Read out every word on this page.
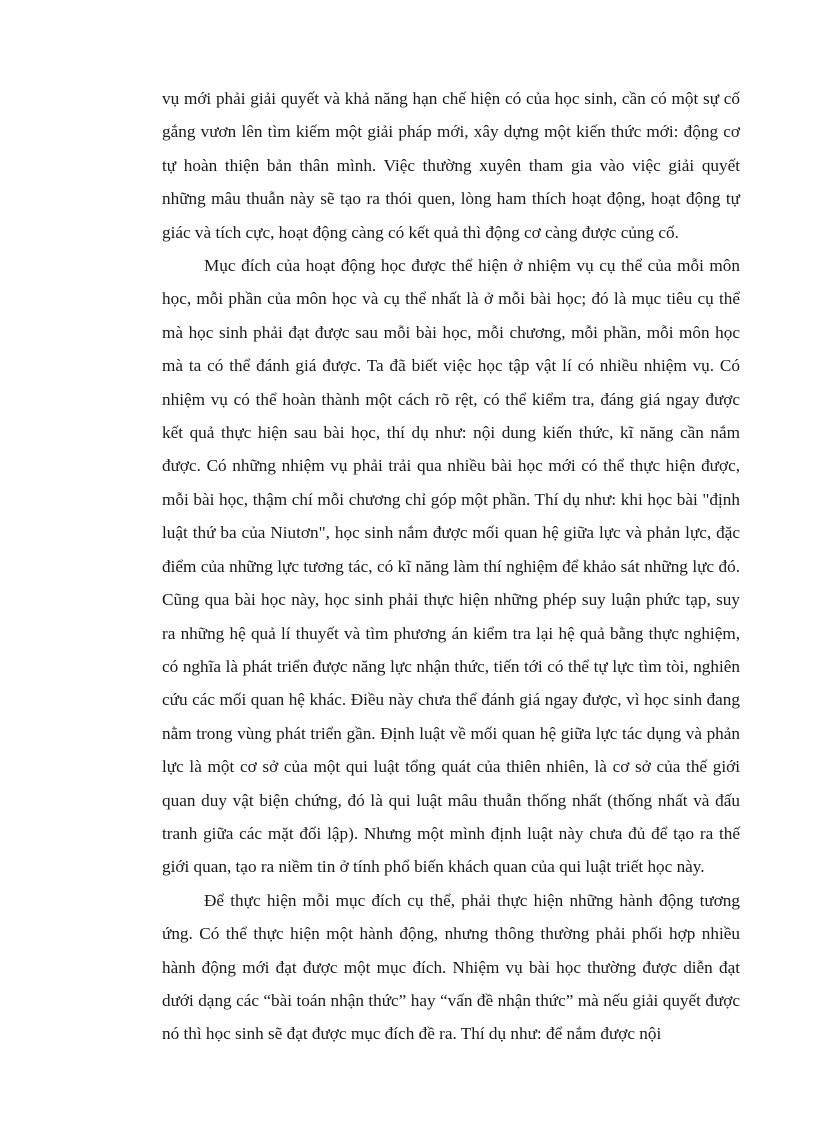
vụ mới phải giải quyết và khả năng hạn chế hiện có của học sinh, cần có một sự cố gắng vươn lên tìm kiếm một giải pháp mới, xây dựng một kiến thức mới: động cơ tự hoàn thiện bản thân mình. Việc thường xuyên tham gia vào việc giải quyết những mâu thuẫn này sẽ tạo ra thói quen, lòng ham thích hoạt động, hoạt động tự giác và tích cực, hoạt động càng có kết quả thì động cơ càng được củng cố.

Mục đích của hoạt động học được thể hiện ở nhiệm vụ cụ thể của mỗi môn học, mỗi phần của môn học và cụ thể nhất là ở mỗi bài học; đó là mục tiêu cụ thể mà học sinh phải đạt được sau mỗi bài học, mỗi chương, mỗi phần, mỗi môn học mà ta có thể đánh giá được. Ta đã biết việc học tập vật lí có nhiều nhiệm vụ. Có nhiệm vụ có thể hoàn thành một cách rõ rệt, có thể kiểm tra, đáng giá ngay được kết quả thực hiện sau bài học, thí dụ như: nội dung kiến thức, kĩ năng cần nắm được. Có những nhiệm vụ phải trải qua nhiều bài học mới có thể thực hiện được, mỗi bài học, thậm chí mỗi chương chỉ góp một phần. Thí dụ như: khi học bài "định luật thứ ba của Niutơn", học sinh nắm được mối quan hệ giữa lực và phản lực, đặc điểm của những lực tương tác, có kĩ năng làm thí nghiệm để khảo sát những lực đó. Cũng qua bài học này, học sinh phải thực hiện những phép suy luận phức tạp, suy ra những hệ quả lí thuyết và tìm phương án kiểm tra lại hệ quả bằng thực nghiệm, có nghĩa là phát triển được năng lực nhận thức, tiến tới có thể tự lực tìm tòi, nghiên cứu các mối quan hệ khác. Điều này chưa thể đánh giá ngay được, vì học sinh đang nằm trong vùng phát triển gần. Định luật về mối quan hệ giữa lực tác dụng và phản lực là một cơ sở của một qui luật tổng quát của thiên nhiên, là cơ sở của thế giới quan duy vật biện chứng, đó là qui luật mâu thuẫn thống nhất (thống nhất và đấu tranh giữa các mặt đối lập). Nhưng một mình định luật này chưa đủ để tạo ra thế giới quan, tạo ra niềm tin ở tính phổ biến khách quan của qui luật triết học này.

Để thực hiện mỗi mục đích cụ thể, phải thực hiện những hành động tương ứng. Có thể thực hiện một hành động, nhưng thông thường phải phối hợp nhiều hành động mới đạt được một mục đích. Nhiệm vụ bài học thường được diễn đạt dưới dạng các “bài toán nhận thức” hay “vấn đề nhận thức” mà nếu giải quyết được nó thì học sinh sẽ đạt được mục đích đề ra. Thí dụ như: để nắm được nội
